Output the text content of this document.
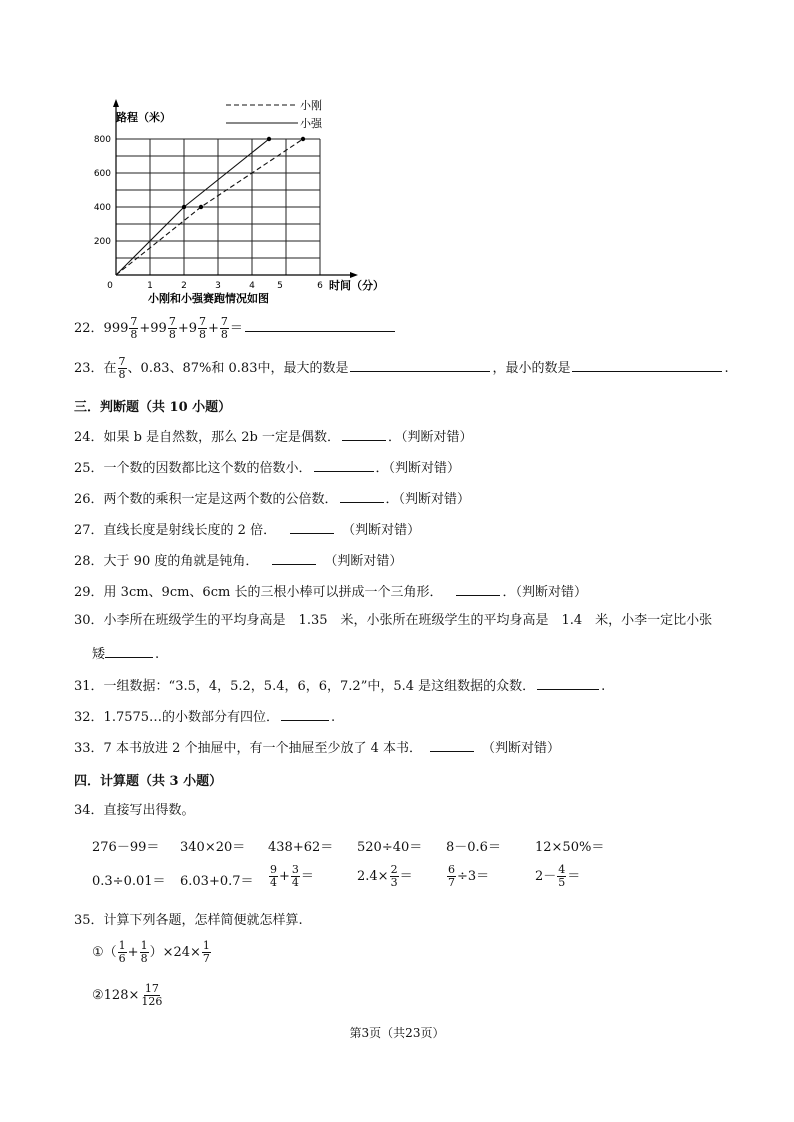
0	1	2	3	4 5	6
200
400
600
800
小刚
小强
路程（米）
时间（分）
小刚和小强赛跑情况如图
22．$999 \frac{7}{8} +99 \frac{7}{8} +9 \frac{7}{8} + \frac{7}{8}$ ＝
23．在 $\frac{7}{8}$ 、0.83、87%和 0.83中，最大的数是	，最小的数是	.
三．判断题（共 10 小题）
24．如果 b 是自然数，那么 2b 一定是偶数．	．（判断对错）
25．一个数的因数都比这个数的倍数小．	．（判断对错）
26．两个数的乘积一定是这两个数的公倍数．	．（判断对错）
27．直线长度是射线长度的 2 倍．	（判断对错）
28．大于 90 度的角就是钝角．	（判断对错）
29．用 3cm、9cm、6cm 长的三根小棒可以拼成一个三角形．	．（判断对错）
30．小李所在班级学生的平均身高是　1.35　米，小张所在班级学生的平均身高是　1.4　米，小李一定比小张
矮	.
31．一组数据：“3.5，4，5.2，5.4，6，6，7.2”中，5.4 是这组数据的众数．	.
32．1.7575…的小数部分有四位．	.
33．7 本书放进 2 个抽屉中，有一个抽屉至少放了 4 本书．	（判断对错）
四．计算题（共 3 小题）
34．直接写出得数。
276－99＝ 340×20＝ 438+62＝ 520÷40＝ 8－0.6＝	12×50%＝
$0.3\div 0.01= 6.03+0.7= \frac{9}{4} + \frac{3}{4}$ ＝	$2.4\times \frac{2}{3}$ ＝	$\frac{6}{7} \div 3=$	$2- \frac{4}{5}$ ＝
35．计算下列各题，怎样简便就怎样算.
①（ $\frac{1}{6} + \frac{1}{8} )\times 24\times \frac{1}{7}$
②128× $\frac{17}{126}$
第3页（共23页）
